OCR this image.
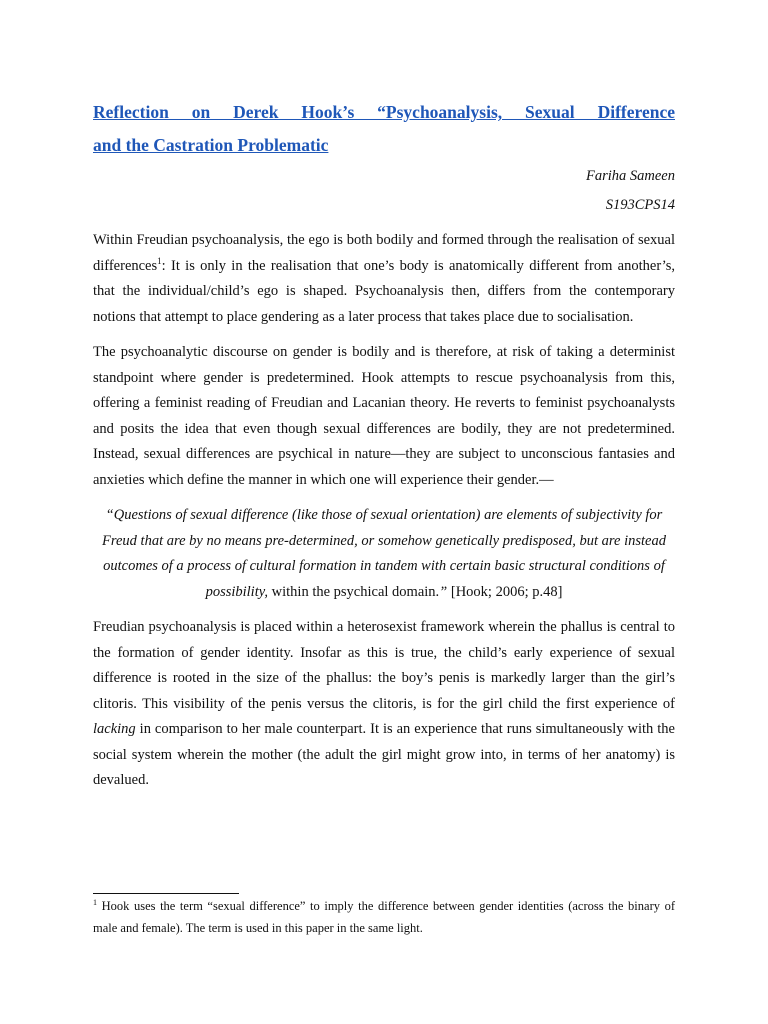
Reflection on Derek Hook’s “Psychoanalysis, Sexual Difference
and the Castration Problematic

Fariha Sameen

S193CPS14

Within Freudian psychoanalysis, the ego is both bodily and formed through the realisation of sexual differences$^1$: It is only in the realisation that one’s body is anatomically different from another’s, that the individual/child’s ego is shaped. Psychoanalysis then, differs from the contemporary notions that attempt to place gendering as a later process that takes place due to socialisation.

The psychoanalytic discourse on gender is bodily and is therefore, at risk of taking a determinist standpoint where gender is predetermined. Hook attempts to rescue psychoanalysis from this, offering a feminist reading of Freudian and Lacanian theory. He reverts to feminist psychoanalysts and posits the idea that even though sexual differences are bodily, they are not predetermined. Instead, sexual differences are psychical in nature—they are subject to unconscious fantasies and anxieties which define the manner in which one will experience their gender.—

“Questions of sexual difference (like those of sexual orientation) are elements of subjectivity for Freud that are by no means pre-determined, or somehow genetically predisposed, but are instead outcomes of a process of cultural formation in tandem with certain basic structural conditions of possibility, within the psychical domain.” [Hook; 2006; p.48]

Freudian psychoanalysis is placed within a heterosexist framework wherein the phallus is central to the formation of gender identity. Insofar as this is true, the child’s early experience of sexual difference is rooted in the size of the phallus: the boy’s penis is markedly larger than the girl’s clitoris. This visibility of the penis versus the clitoris, is for the girl child the first experience of lacking in comparison to her male counterpart. It is an experience that runs simultaneously with the social system wherein the mother (the adult the girl might grow into, in terms of her anatomy) is devalued.

$^1$ Hook uses the term “sexual difference” to imply the difference between gender identities (across the binary of male and female). The term is used in this paper in the same light.
